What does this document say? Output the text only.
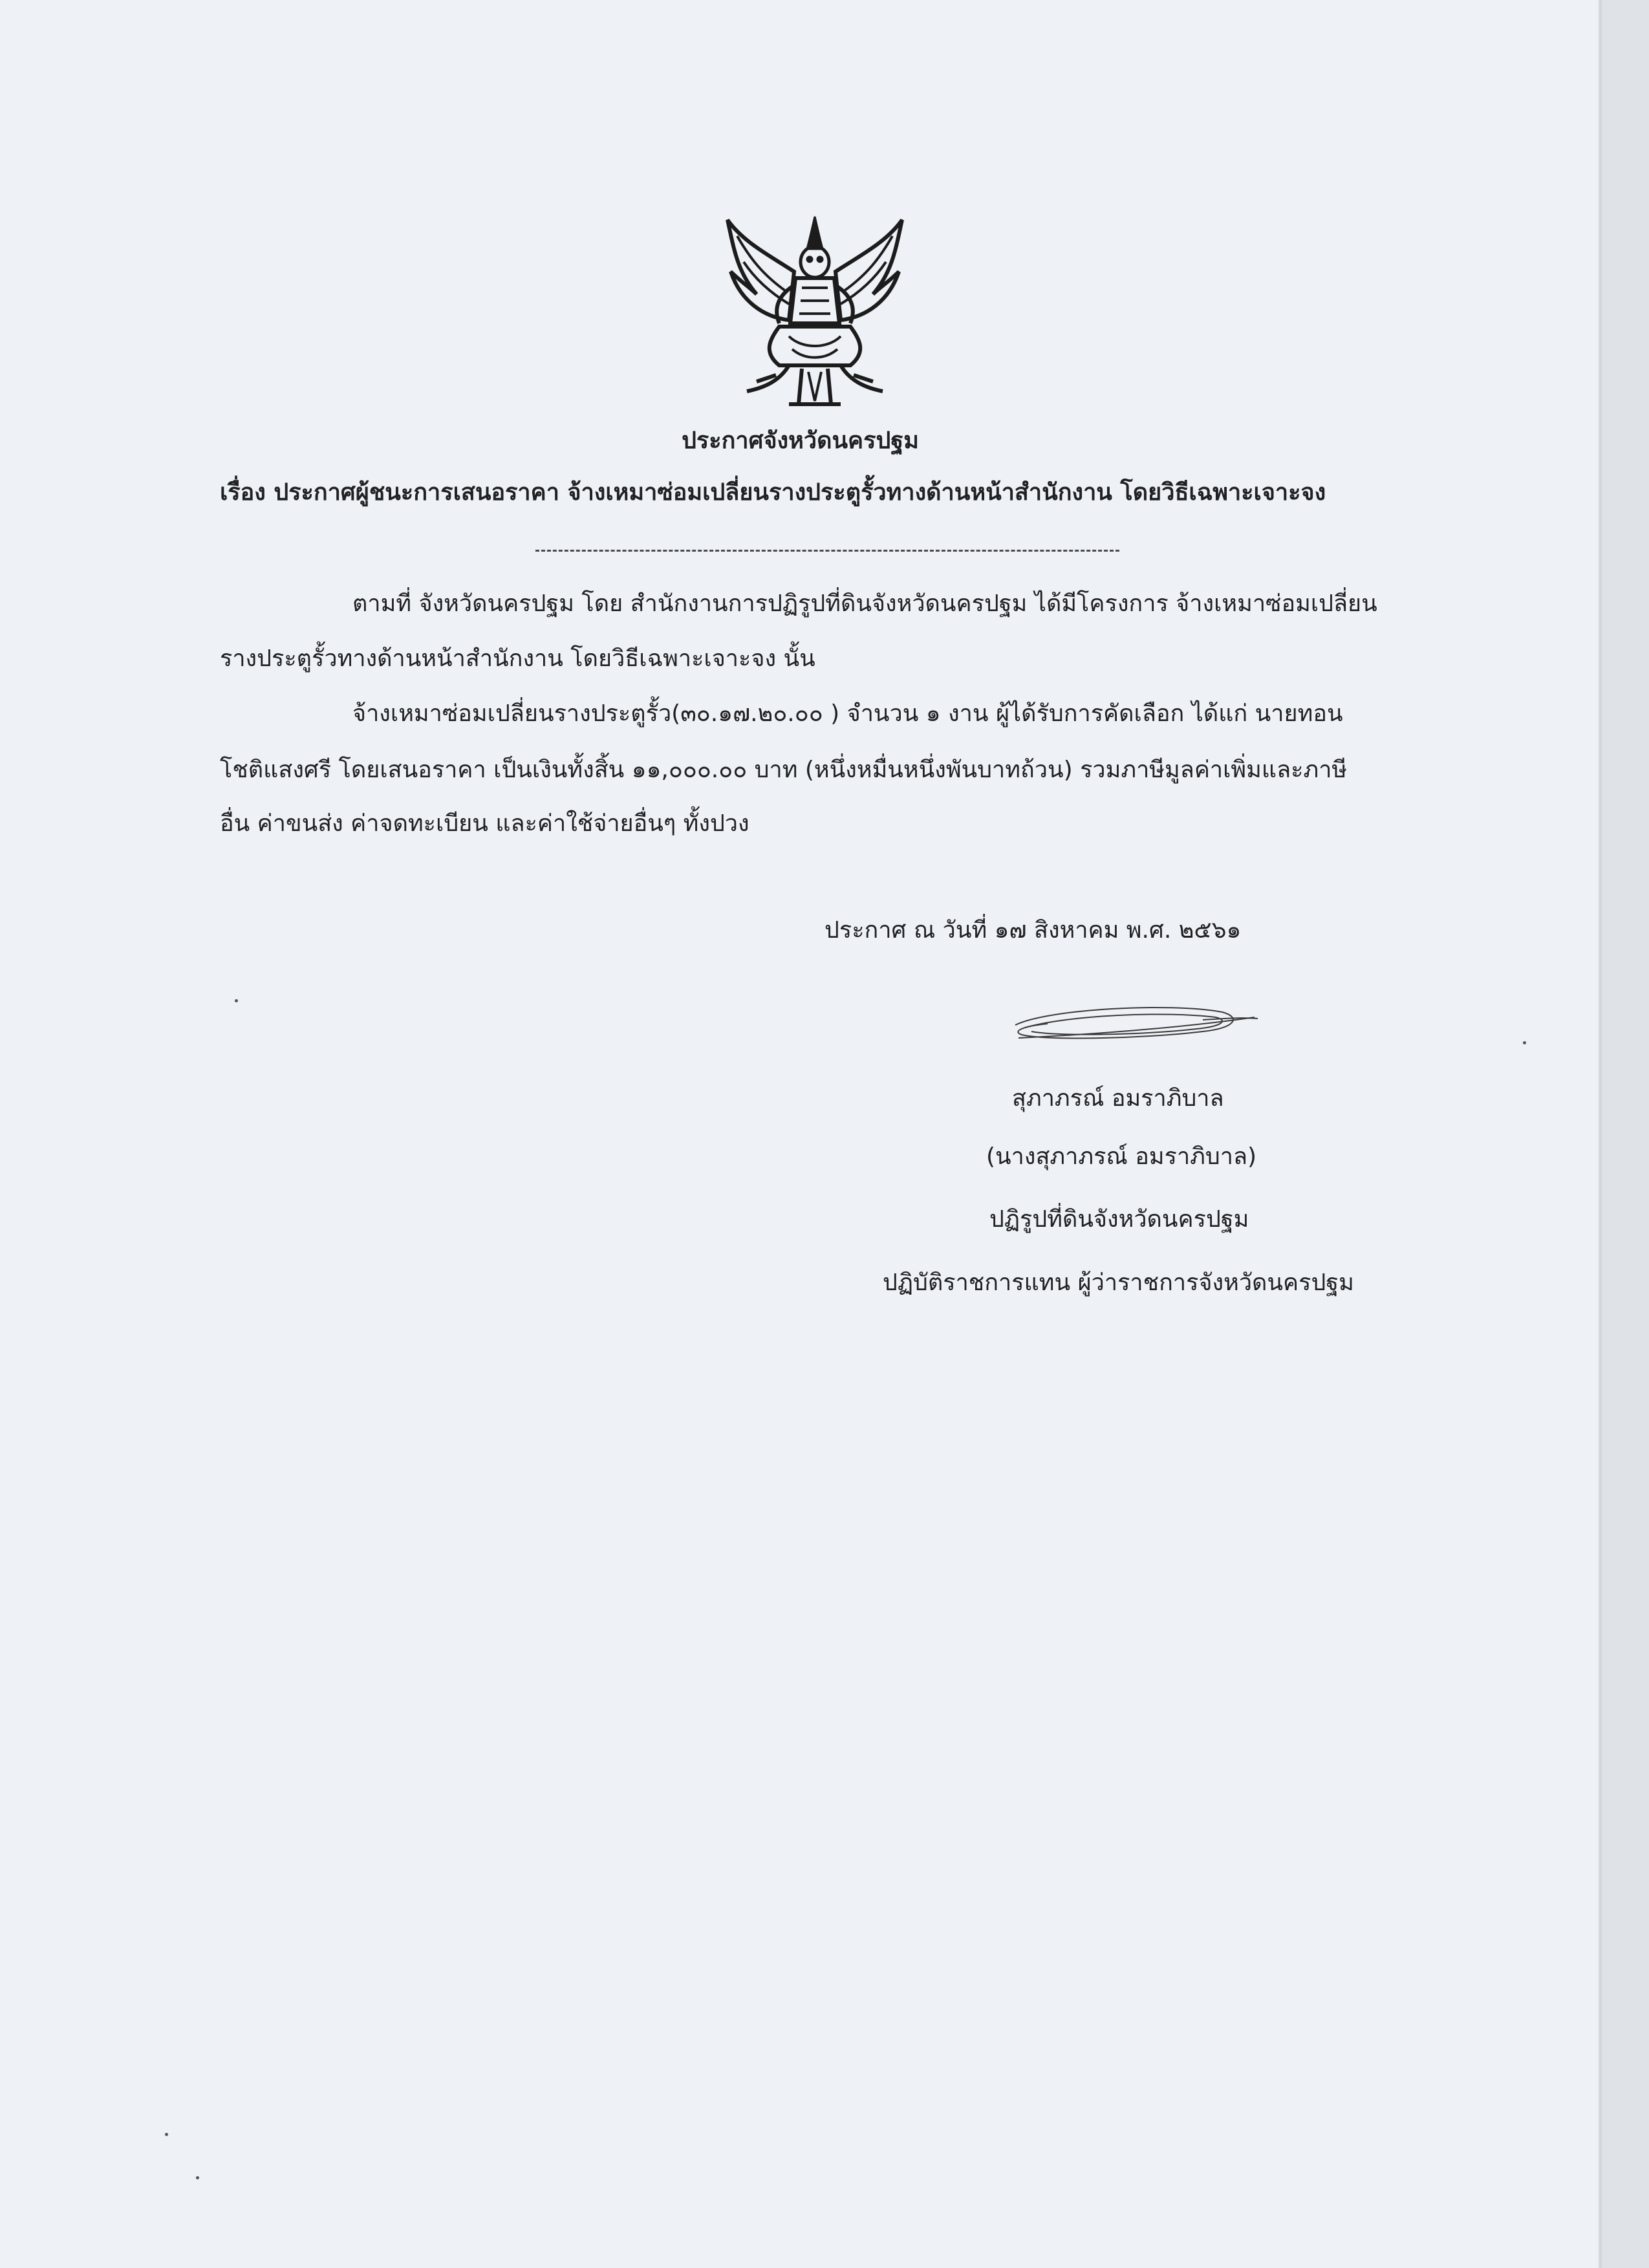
ประกาศจังหวัดนครปฐม
เรื่อง ประกาศผู้ชนะการเสนอราคา จ้างเหมาซ่อมเปลี่ยนรางประตูรั้วทางด้านหน้าสำนักงาน โดยวิธีเฉพาะเจาะจง
ตามที่ จังหวัดนครปฐม โดย สำนักงานการปฏิรูปที่ดินจังหวัดนครปฐม ได้มีโครงการ จ้างเหมาซ่อมเปลี่ยน
รางประตูรั้วทางด้านหน้าสำนักงาน โดยวิธีเฉพาะเจาะจง นั้น
จ้างเหมาซ่อมเปลี่ยนรางประตูรั้ว(๓๐.๑๗.๒๐.๐๐ ) จำนวน ๑ งาน ผู้ได้รับการคัดเลือก ได้แก่ นายทอน
โชติแสงศรี โดยเสนอราคา เป็นเงินทั้งสิ้น ๑๑,๐๐๐.๐๐ บาท (หนึ่งหมื่นหนึ่งพันบาทถ้วน) รวมภาษีมูลค่าเพิ่มและภาษี
อื่น ค่าขนส่ง ค่าจดทะเบียน และค่าใช้จ่ายอื่นๆ ทั้งปวง
ประกาศ ณ วันที่ ๑๗ สิงหาคม พ.ศ. ๒๕๖๑
สุภาภรณ์ อมราภิบาล
(นางสุภาภรณ์ อมราภิบาล)
ปฏิรูปที่ดินจังหวัดนครปฐม
ปฏิบัติราชการแทน ผู้ว่าราชการจังหวัดนครปฐม
